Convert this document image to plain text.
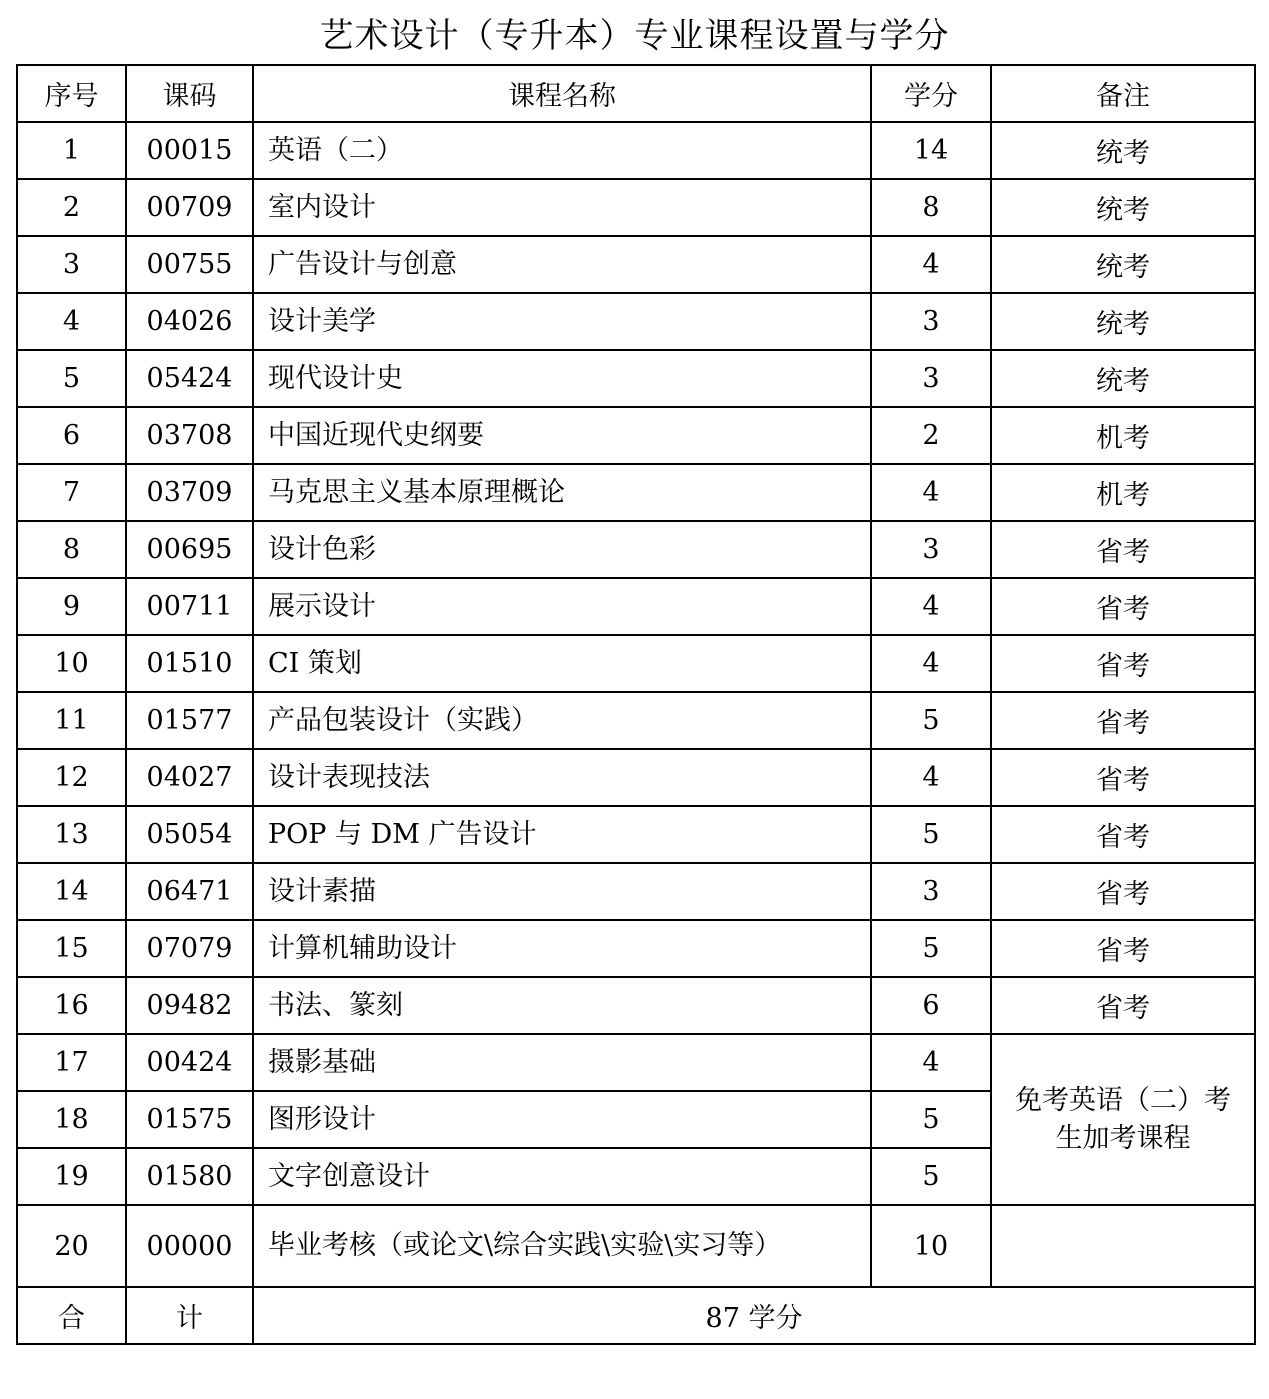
艺术设计（专升本）专业课程设置与学分
序号	课码	课程名称	学分	备注
1	00015	英语（二）	14	统考
2	00709	室内设计	8	统考
3	00755	广告设计与创意	4	统考
4	04026	设计美学	3	统考
5	05424	现代设计史	3	统考
6	03708	中国近现代史纲要	2	机考
7	03709	马克思主义基本原理概论	4	机考
8	00695	设计色彩	3	省考
9	00711	展示设计	4	省考
10	01510	CI 策划	4	省考
11	01577	产品包装设计（实践）	5	省考
12	04027	设计表现技法	4	省考
13	05054	POP 与 DM 广告设计	5	省考
14	06471	设计素描	3	省考
15	07079	计算机辅助设计	5	省考
16	09482	书法、篆刻	6	省考
17	00424	摄影基础	4	免考英语（二）考生加考课程
18	01575	图形设计	5	
19	01580	文字创意设计	5	
20	00000	毕业考核（或论文\综合实践\实验\实习等）	10	
合	计	87 学分		
